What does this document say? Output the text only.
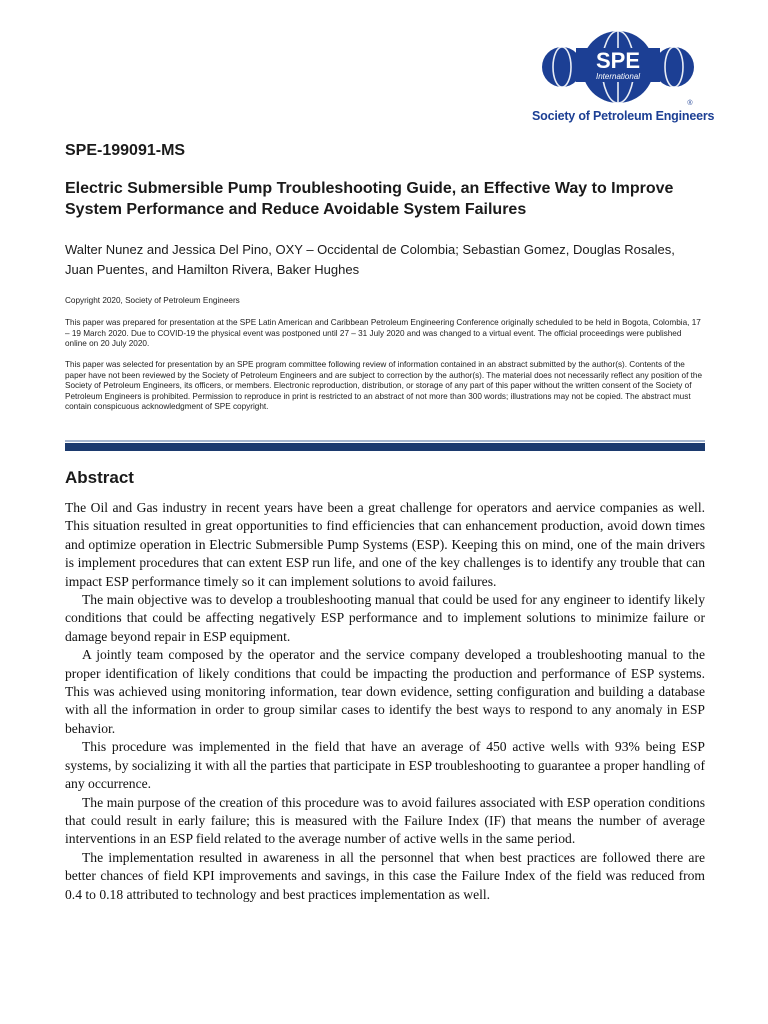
SPE
International
®
Society of Petroleum Engineers
SPE-199091-MS
Electric Submersible Pump Troubleshooting Guide, an Effective Way to Improve System Performance and Reduce Avoidable System Failures
Walter Nunez and Jessica Del Pino, OXY – Occidental de Colombia; Sebastian Gomez, Douglas Rosales, Juan Puentes, and Hamilton Rivera, Baker Hughes
Copyright 2020, Society of Petroleum Engineers
This paper was prepared for presentation at the SPE Latin American and Caribbean Petroleum Engineering Conference originally scheduled to be held in Bogota, Colombia, 17 – 19 March 2020. Due to COVID-19 the physical event was postponed until 27 – 31 July 2020 and was changed to a virtual event. The official proceedings were published online on 20 July 2020.
This paper was selected for presentation by an SPE program committee following review of information contained in an abstract submitted by the author(s). Contents of the paper have not been reviewed by the Society of Petroleum Engineers and are subject to correction by the author(s). The material does not necessarily reflect any position of the Society of Petroleum Engineers, its officers, or members. Electronic reproduction, distribution, or storage of any part of this paper without the written consent of the Society of Petroleum Engineers is prohibited. Permission to reproduce in print is restricted to an abstract of not more than 300 words; illustrations may not be copied. The abstract must contain conspicuous acknowledgment of SPE copyright.
Abstract

The Oil and Gas industry in recent years have been a great challenge for operators and aervice companies as well. This situation resulted in great opportunities to find efficiencies that can enhancement production, avoid down times and optimize operation in Electric Submersible Pump Systems (ESP). Keeping this on mind, one of the main drivers is implement procedures that can extent ESP run life, and one of the key challenges is to identify any trouble that can impact ESP performance timely so it can implement solutions to avoid failures.

The main objective was to develop a troubleshooting manual that could be used for any engineer to identify likely conditions that could be affecting negatively ESP performance and to implement solutions to minimize failure or damage beyond repair in ESP equipment.

A jointly team composed by the operator and the service company developed a troubleshooting manual to the proper identification of likely conditions that could be impacting the production and performance of ESP systems. This was achieved using monitoring information, tear down evidence, setting configuration and building a database with all the information in order to group similar cases to identify the best ways to respond to any anomaly in ESP behavior.

This procedure was implemented in the field that have an average of 450 active wells with 93% being ESP systems, by socializing it with all the parties that participate in ESP troubleshooting to guarantee a proper handling of any occurrence.

The main purpose of the creation of this procedure was to avoid failures associated with ESP operation conditions that could result in early failure; this is measured with the Failure Index (IF) that means the number of average interventions in an ESP field related to the average number of active wells in the same period.

The implementation resulted in awareness in all the personnel that when best practices are followed there are better chances of field KPI improvements and savings, in this case the Failure Index of the field was reduced from 0.4 to 0.18 attributed to technology and best practices implementation as well.
